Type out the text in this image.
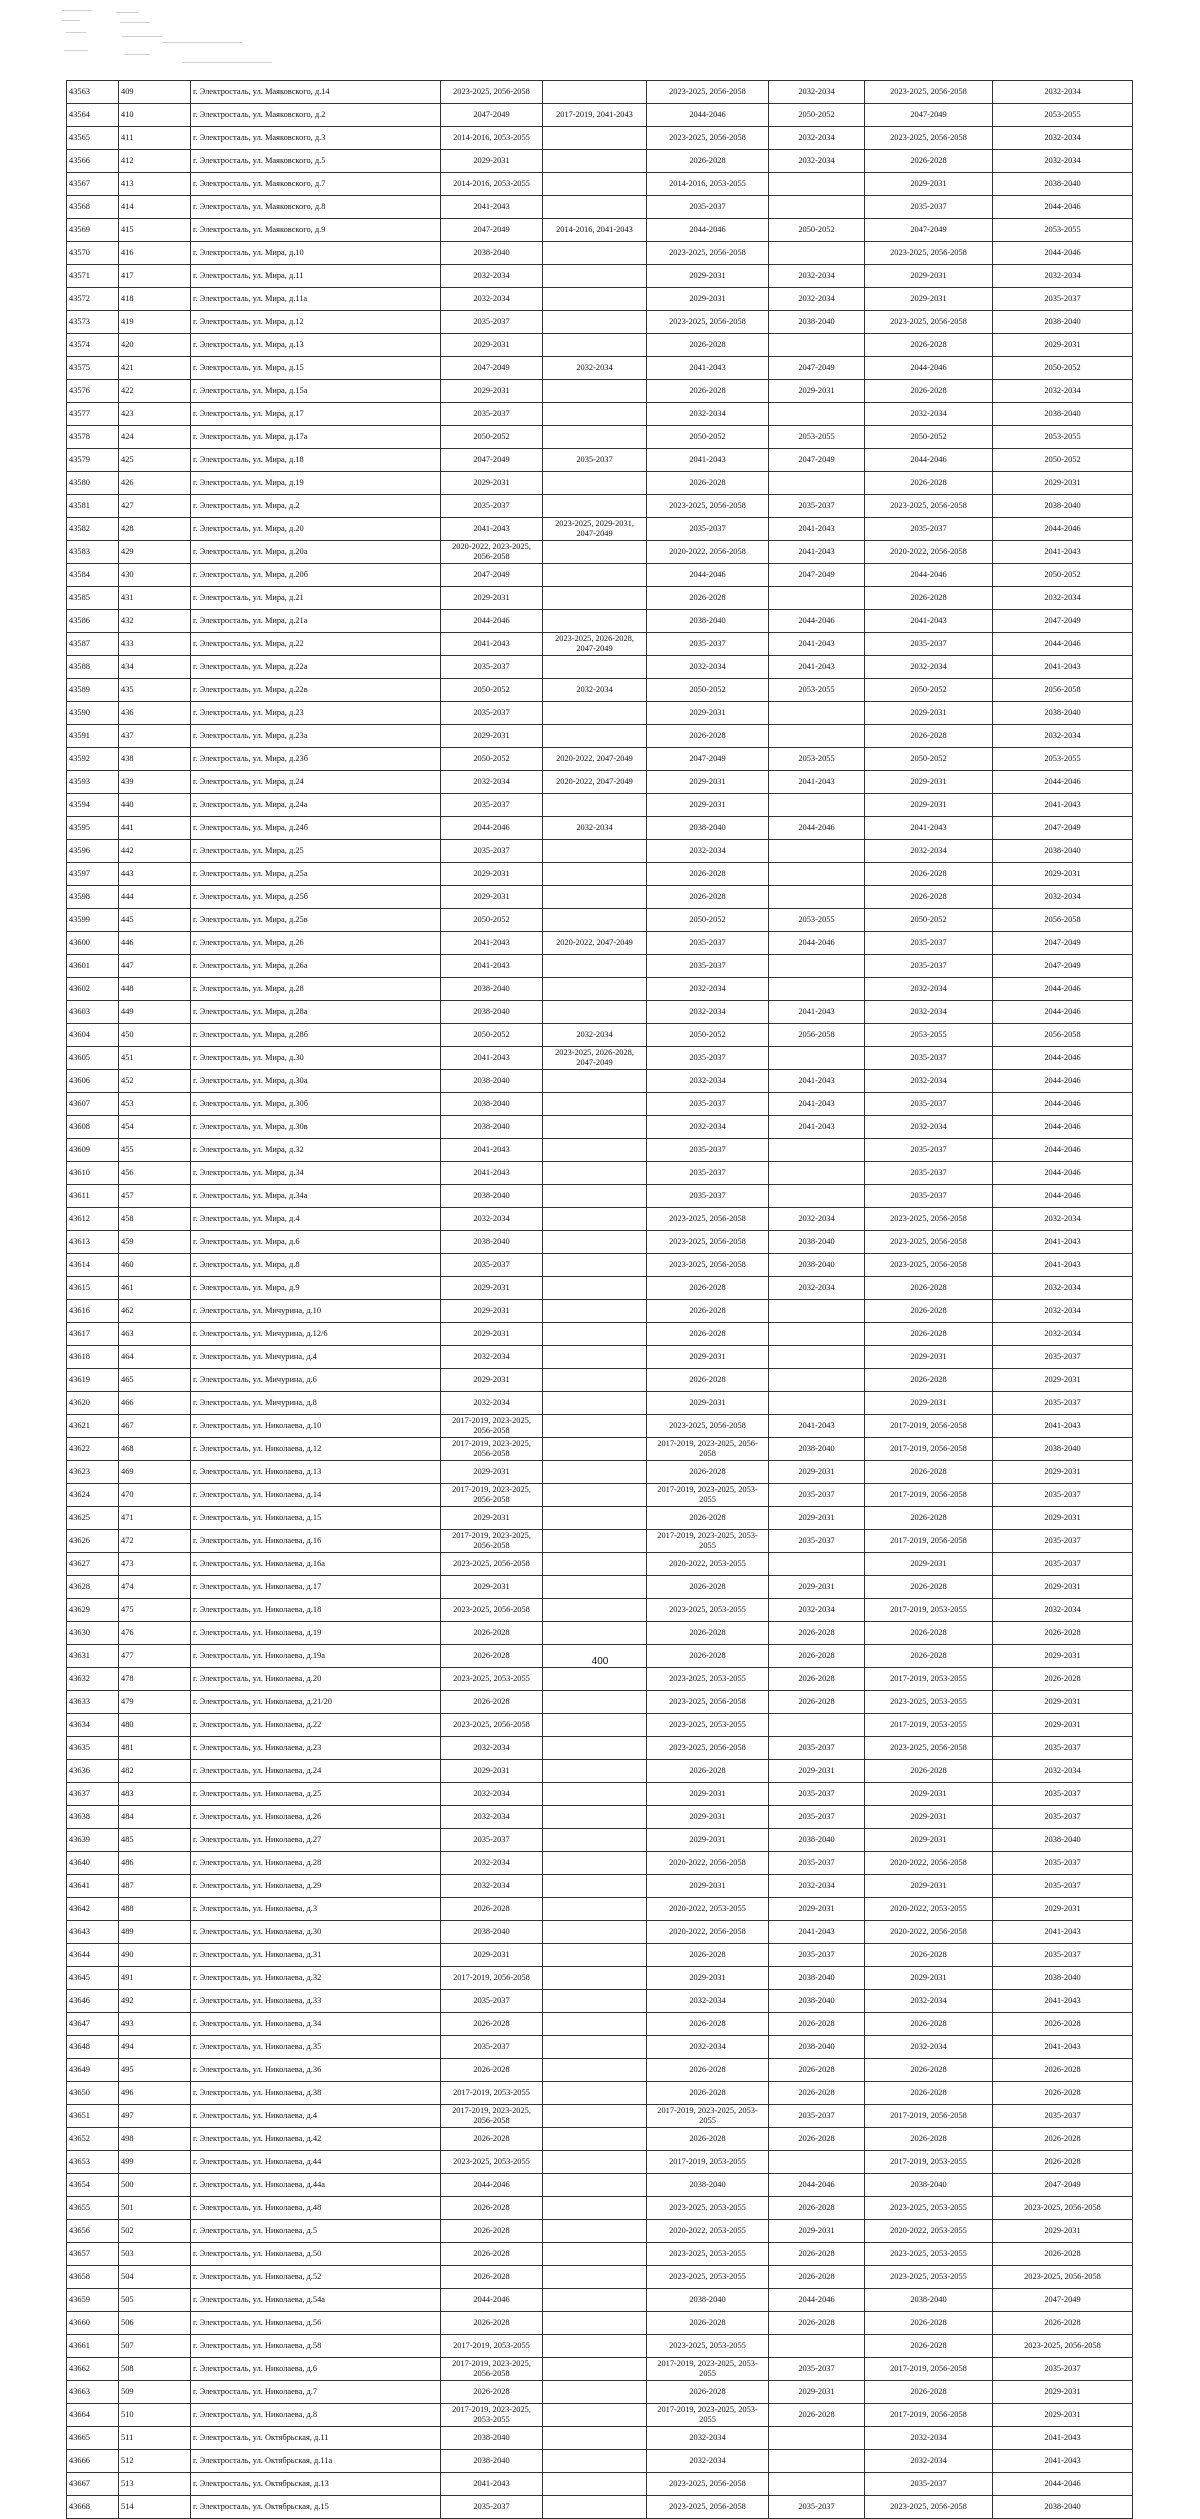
43563	409	г. Электросталь, ул. Маяковского, д.14	2023-2025, 2056-2058		2023-2025, 2056-2058	2032-2034	2023-2025, 2056-2058	2032-2034
43564	410	г. Электросталь, ул. Маяковского, д.2	2047-2049	2017-2019, 2041-2043	2044-2046	2050-2052	2047-2049	2053-2055
43565	411	г. Электросталь, ул. Маяковского, д.3	2014-2016, 2053-2055		2023-2025, 2056-2058	2032-2034	2023-2025, 2056-2058	2032-2034
43566	412	г. Электросталь, ул. Маяковского, д.5	2029-2031		2026-2028	2032-2034	2026-2028	2032-2034
43567	413	г. Электросталь, ул. Маяковского, д.7	2014-2016, 2053-2055		2014-2016, 2053-2055		2029-2031	2038-2040
43568	414	г. Электросталь, ул. Маяковского, д.8	2041-2043		2035-2037		2035-2037	2044-2046
43569	415	г. Электросталь, ул. Маяковского, д.9	2047-2049	2014-2016, 2041-2043	2044-2046	2050-2052	2047-2049	2053-2055
43570	416	г. Электросталь, ул. Мира, д.10	2038-2040		2023-2025, 2056-2058		2023-2025, 2056-2058	2044-2046
43571	417	г. Электросталь, ул. Мира, д.11	2032-2034		2029-2031	2032-2034	2029-2031	2032-2034
43572	418	г. Электросталь, ул. Мира, д.11а	2032-2034		2029-2031	2032-2034	2029-2031	2035-2037
43573	419	г. Электросталь, ул. Мира, д.12	2035-2037		2023-2025, 2056-2058	2038-2040	2023-2025, 2056-2058	2038-2040
43574	420	г. Электросталь, ул. Мира, д.13	2029-2031		2026-2028		2026-2028	2029-2031
43575	421	г. Электросталь, ул. Мира, д.15	2047-2049	2032-2034	2041-2043	2047-2049	2044-2046	2050-2052
43576	422	г. Электросталь, ул. Мира, д.15а	2029-2031		2026-2028	2029-2031	2026-2028	2032-2034
43577	423	г. Электросталь, ул. Мира, д.17	2035-2037		2032-2034		2032-2034	2038-2040
43578	424	г. Электросталь, ул. Мира, д.17а	2050-2052		2050-2052	2053-2055	2050-2052	2053-2055
43579	425	г. Электросталь, ул. Мира, д.18	2047-2049	2035-2037	2041-2043	2047-2049	2044-2046	2050-2052
43580	426	г. Электросталь, ул. Мира, д.19	2029-2031		2026-2028		2026-2028	2029-2031
43581	427	г. Электросталь, ул. Мира, д.2	2035-2037		2023-2025, 2056-2058	2035-2037	2023-2025, 2056-2058	2038-2040
43582	428	г. Электросталь, ул. Мира, д.20	2041-2043	2023-2025, 2029-2031, 2047-2049	2035-2037	2041-2043	2035-2037	2044-2046
43583	429	г. Электросталь, ул. Мира, д.20а	2020-2022, 2023-2025, 2056-2058		2020-2022, 2056-2058	2041-2043	2020-2022, 2056-2058	2041-2043
43584	430	г. Электросталь, ул. Мира, д.20б	2047-2049		2044-2046	2047-2049	2044-2046	2050-2052
43585	431	г. Электросталь, ул. Мира, д.21	2029-2031		2026-2028		2026-2028	2032-2034
43586	432	г. Электросталь, ул. Мира, д.21а	2044-2046		2038-2040	2044-2046	2041-2043	2047-2049
43587	433	г. Электросталь, ул. Мира, д.22	2041-2043	2023-2025, 2026-2028, 2047-2049	2035-2037	2041-2043	2035-2037	2044-2046
43588	434	г. Электросталь, ул. Мира, д.22а	2035-2037		2032-2034	2041-2043	2032-2034	2041-2043
43589	435	г. Электросталь, ул. Мира, д.22в	2050-2052	2032-2034	2050-2052	2053-2055	2050-2052	2056-2058
43590	436	г. Электросталь, ул. Мира, д.23	2035-2037		2029-2031		2029-2031	2038-2040
43591	437	г. Электросталь, ул. Мира, д.23а	2029-2031		2026-2028		2026-2028	2032-2034
43592	438	г. Электросталь, ул. Мира, д.23б	2050-2052	2020-2022, 2047-2049	2047-2049	2053-2055	2050-2052	2053-2055
43593	439	г. Электросталь, ул. Мира, д.24	2032-2034	2020-2022, 2047-2049	2029-2031	2041-2043	2029-2031	2044-2046
43594	440	г. Электросталь, ул. Мира, д.24а	2035-2037		2029-2031		2029-2031	2041-2043
43595	441	г. Электросталь, ул. Мира, д.24б	2044-2046	2032-2034	2038-2040	2044-2046	2041-2043	2047-2049
43596	442	г. Электросталь, ул. Мира, д.25	2035-2037		2032-2034		2032-2034	2038-2040
43597	443	г. Электросталь, ул. Мира, д.25а	2029-2031		2026-2028		2026-2028	2029-2031
43598	444	г. Электросталь, ул. Мира, д.25б	2029-2031		2026-2028		2026-2028	2032-2034
43599	445	г. Электросталь, ул. Мира, д.25в	2050-2052		2050-2052	2053-2055	2050-2052	2056-2058
43600	446	г. Электросталь, ул. Мира, д.26	2041-2043	2020-2022, 2047-2049	2035-2037	2044-2046	2035-2037	2047-2049
43601	447	г. Электросталь, ул. Мира, д.26а	2041-2043		2035-2037		2035-2037	2047-2049
43602	448	г. Электросталь, ул. Мира, д.28	2038-2040		2032-2034		2032-2034	2044-2046
43603	449	г. Электросталь, ул. Мира, д.28а	2038-2040		2032-2034	2041-2043	2032-2034	2044-2046
43604	450	г. Электросталь, ул. Мира, д.28б	2050-2052	2032-2034	2050-2052	2056-2058	2053-2055	2056-2058
43605	451	г. Электросталь, ул. Мира, д.30	2041-2043	2023-2025, 2026-2028, 2047-2049	2035-2037		2035-2037	2044-2046
43606	452	г. Электросталь, ул. Мира, д.30а	2038-2040		2032-2034	2041-2043	2032-2034	2044-2046
43607	453	г. Электросталь, ул. Мира, д.30б	2038-2040		2035-2037	2041-2043	2035-2037	2044-2046
43608	454	г. Электросталь, ул. Мира, д.30в	2038-2040		2032-2034	2041-2043	2032-2034	2044-2046
43609	455	г. Электросталь, ул. Мира, д.32	2041-2043		2035-2037		2035-2037	2044-2046
43610	456	г. Электросталь, ул. Мира, д.34	2041-2043		2035-2037		2035-2037	2044-2046
43611	457	г. Электросталь, ул. Мира, д.34а	2038-2040		2035-2037		2035-2037	2044-2046
43612	458	г. Электросталь, ул. Мира, д.4	2032-2034		2023-2025, 2056-2058	2032-2034	2023-2025, 2056-2058	2032-2034
43613	459	г. Электросталь, ул. Мира, д.6	2038-2040		2023-2025, 2056-2058	2038-2040	2023-2025, 2056-2058	2041-2043
43614	460	г. Электросталь, ул. Мира, д.8	2035-2037		2023-2025, 2056-2058	2038-2040	2023-2025, 2056-2058	2041-2043
43615	461	г. Электросталь, ул. Мира, д.9	2029-2031		2026-2028	2032-2034	2026-2028	2032-2034
43616	462	г. Электросталь, ул. Мичурина, д.10	2029-2031		2026-2028		2026-2028	2032-2034
43617	463	г. Электросталь, ул. Мичурина, д.12/6	2029-2031		2026-2028		2026-2028	2032-2034
43618	464	г. Электросталь, ул. Мичурина, д.4	2032-2034		2029-2031		2029-2031	2035-2037
43619	465	г. Электросталь, ул. Мичурина, д.6	2029-2031		2026-2028		2026-2028	2029-2031
43620	466	г. Электросталь, ул. Мичурина, д.8	2032-2034		2029-2031		2029-2031	2035-2037
43621	467	г. Электросталь, ул. Николаева, д.10	2017-2019, 2023-2025, 2056-2058		2023-2025, 2056-2058	2041-2043	2017-2019, 2056-2058	2041-2043
43622	468	г. Электросталь, ул. Николаева, д.12	2017-2019, 2023-2025, 2056-2058		2017-2019, 2023-2025, 2056-2058	2038-2040	2017-2019, 2056-2058	2038-2040
43623	469	г. Электросталь, ул. Николаева, д.13	2029-2031		2026-2028	2029-2031	2026-2028	2029-2031
43624	470	г. Электросталь, ул. Николаева, д.14	2017-2019, 2023-2025, 2056-2058		2017-2019, 2023-2025, 2053-2055	2035-2037	2017-2019, 2056-2058	2035-2037
43625	471	г. Электросталь, ул. Николаева, д.15	2029-2031		2026-2028	2029-2031	2026-2028	2029-2031
43626	472	г. Электросталь, ул. Николаева, д.16	2017-2019, 2023-2025, 2056-2058		2017-2019, 2023-2025, 2053-2055	2035-2037	2017-2019, 2056-2058	2035-2037
43627	473	г. Электросталь, ул. Николаева, д.16а	2023-2025, 2056-2058		2020-2022, 2053-2055		2029-2031	2035-2037
43628	474	г. Электросталь, ул. Николаева, д.17	2029-2031		2026-2028	2029-2031	2026-2028	2029-2031
43629	475	г. Электросталь, ул. Николаева, д.18	2023-2025, 2056-2058		2023-2025, 2053-2055	2032-2034	2017-2019, 2053-2055	2032-2034
43630	476	г. Электросталь, ул. Николаева, д.19	2026-2028		2026-2028	2026-2028	2026-2028	2026-2028
43631	477	г. Электросталь, ул. Николаева, д.19а	2026-2028		2026-2028	2026-2028	2026-2028	2029-2031
43632	478	г. Электросталь, ул. Николаева, д.20	2023-2025, 2053-2055		2023-2025, 2053-2055	2026-2028	2017-2019, 2053-2055	2026-2028
43633	479	г. Электросталь, ул. Николаева, д.21/20	2026-2028		2023-2025, 2056-2058	2026-2028	2023-2025, 2053-2055	2029-2031
43634	480	г. Электросталь, ул. Николаева, д.22	2023-2025, 2056-2058		2023-2025, 2053-2055		2017-2019, 2053-2055	2029-2031
43635	481	г. Электросталь, ул. Николаева, д.23	2032-2034		2023-2025, 2056-2058	2035-2037	2023-2025, 2056-2058	2035-2037
43636	482	г. Электросталь, ул. Николаева, д.24	2029-2031		2026-2028	2029-2031	2026-2028	2032-2034
43637	483	г. Электросталь, ул. Николаева, д.25	2032-2034		2029-2031	2035-2037	2029-2031	2035-2037
43638	484	г. Электросталь, ул. Николаева, д.26	2032-2034		2029-2031	2035-2037	2029-2031	2035-2037
43639	485	г. Электросталь, ул. Николаева, д.27	2035-2037		2029-2031	2038-2040	2029-2031	2038-2040
43640	486	г. Электросталь, ул. Николаева, д.28	2032-2034		2020-2022, 2056-2058	2035-2037	2020-2022, 2056-2058	2035-2037
43641	487	г. Электросталь, ул. Николаева, д.29	2032-2034		2029-2031	2032-2034	2029-2031	2035-2037
43642	488	г. Электросталь, ул. Николаева, д.3	2026-2028		2020-2022, 2053-2055	2029-2031	2020-2022, 2053-2055	2029-2031
43643	489	г. Электросталь, ул. Николаева, д.30	2038-2040		2020-2022, 2056-2058	2041-2043	2020-2022, 2056-2058	2041-2043
43644	490	г. Электросталь, ул. Николаева, д.31	2029-2031		2026-2028	2035-2037	2026-2028	2035-2037
43645	491	г. Электросталь, ул. Николаева, д.32	2017-2019, 2056-2058		2029-2031	2038-2040	2029-2031	2038-2040
43646	492	г. Электросталь, ул. Николаева, д.33	2035-2037		2032-2034	2038-2040	2032-2034	2041-2043
43647	493	г. Электросталь, ул. Николаева, д.34	2026-2028		2026-2028	2026-2028	2026-2028	2026-2028
43648	494	г. Электросталь, ул. Николаева, д.35	2035-2037		2032-2034	2038-2040	2032-2034	2041-2043
43649	495	г. Электросталь, ул. Николаева, д.36	2026-2028		2026-2028	2026-2028	2026-2028	2026-2028
43650	496	г. Электросталь, ул. Николаева, д.38	2017-2019, 2053-2055		2026-2028	2026-2028	2026-2028	2026-2028
43651	497	г. Электросталь, ул. Николаева, д.4	2017-2019, 2023-2025, 2056-2058		2017-2019, 2023-2025, 2053-2055	2035-2037	2017-2019, 2056-2058	2035-2037
43652	498	г. Электросталь, ул. Николаева, д.42	2026-2028		2026-2028	2026-2028	2026-2028	2026-2028
43653	499	г. Электросталь, ул. Николаева, д.44	2023-2025, 2053-2055		2017-2019, 2053-2055		2017-2019, 2053-2055	2026-2028
43654	500	г. Электросталь, ул. Николаева, д.44а	2044-2046		2038-2040	2044-2046	2038-2040	2047-2049
43655	501	г. Электросталь, ул. Николаева, д.48	2026-2028		2023-2025, 2053-2055	2026-2028	2023-2025, 2053-2055	2023-2025, 2056-2058
43656	502	г. Электросталь, ул. Николаева, д.5	2026-2028		2020-2022, 2053-2055	2029-2031	2020-2022, 2053-2055	2029-2031
43657	503	г. Электросталь, ул. Николаева, д.50	2026-2028		2023-2025, 2053-2055	2026-2028	2023-2025, 2053-2055	2026-2028
43658	504	г. Электросталь, ул. Николаева, д.52	2026-2028		2023-2025, 2053-2055	2026-2028	2023-2025, 2053-2055	2023-2025, 2056-2058
43659	505	г. Электросталь, ул. Николаева, д.54а	2044-2046		2038-2040	2044-2046	2038-2040	2047-2049
43660	506	г. Электросталь, ул. Николаева, д.56	2026-2028		2026-2028	2026-2028	2026-2028	2026-2028
43661	507	г. Электросталь, ул. Николаева, д.58	2017-2019, 2053-2055		2023-2025, 2053-2055		2026-2028	2023-2025, 2056-2058
43662	508	г. Электросталь, ул. Николаева, д.6	2017-2019, 2023-2025, 2056-2058		2017-2019, 2023-2025, 2053-2055	2035-2037	2017-2019, 2056-2058	2035-2037
43663	509	г. Электросталь, ул. Николаева, д.7	2026-2028		2026-2028	2029-2031	2026-2028	2029-2031
43664	510	г. Электросталь, ул. Николаева, д.8	2017-2019, 2023-2025, 2053-2055		2017-2019, 2023-2025, 2053-2055	2026-2028	2017-2019, 2056-2058	2029-2031
43665	511	г. Электросталь, ул. Октябрьская, д.11	2038-2040		2032-2034		2032-2034	2041-2043
43666	512	г. Электросталь, ул. Октябрьская, д.11а	2038-2040		2032-2034		2032-2034	2041-2043
43667	513	г. Электросталь, ул. Октябрьская, д.13	2041-2043		2023-2025, 2056-2058		2035-2037	2044-2046
43668	514	г. Электросталь, ул. Октябрьская, д.15	2035-2037		2023-2025, 2056-2058	2035-2037	2023-2025, 2056-2058	2038-2040
400
